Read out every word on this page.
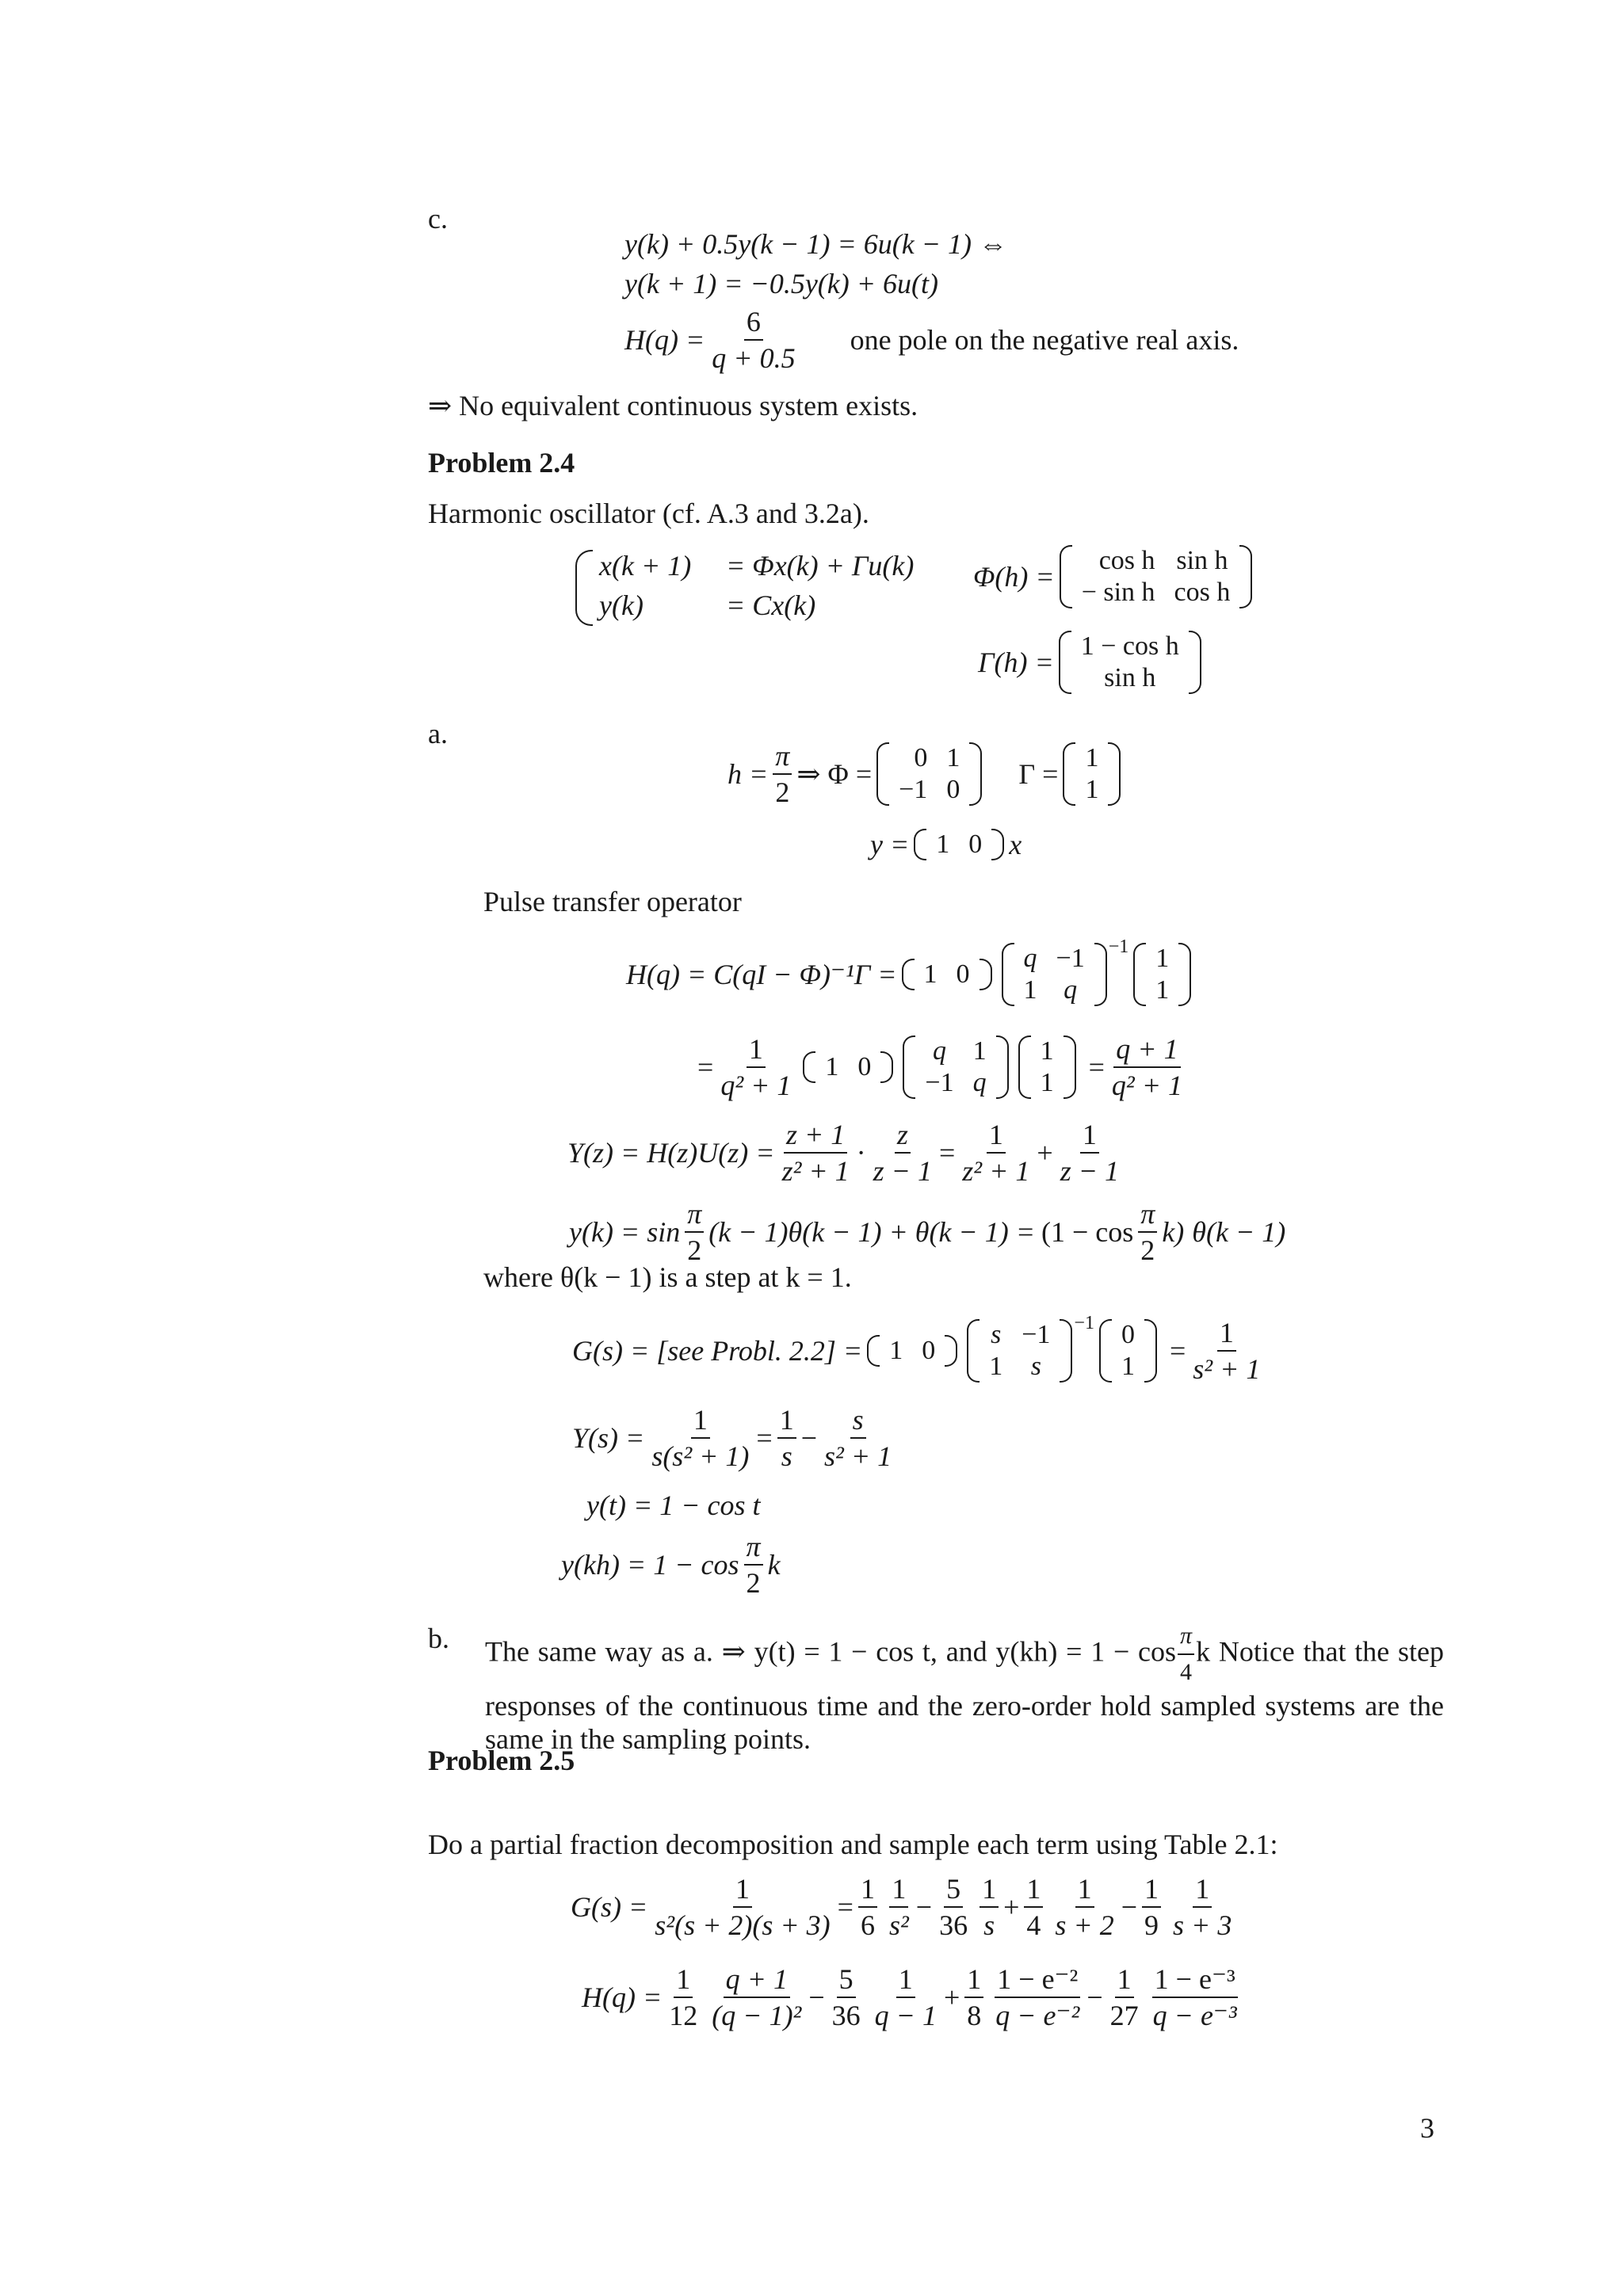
c.
y(k) + 0.5y(k − 1) = 6u(k − 1) ⇔
y(k + 1) = −0.5y(k) + 6u(t)
$H(q) = \frac{6}{q + 0.5}$ one pole on the negative real axis.
⇒ No equivalent continuous system exists.
Problem 2.4
Harmonic oscillator (cf. A.3 and 3.2a).
x(k + 1) = Φx(k) + Γu(k)
y(k)	= Cx(k)
Φ(h) =
cos h	sin h
− sin h	cos h
Γ(h) =
1 − cos h
sin h
a.
$h = \frac{\pi}{2}$ ⇒ Φ =
0	1
−1	0 Γ =
1
1
y = 1	0 x
Pulse transfer operator
H(q) = C(qI − Φ)⁻¹Γ = 1	0
q	−1
1	q
−1 1
1
= $\frac{1}{\text{q² + 1}} 1$	0
q	1
−1	q
1
$1 = \frac{q + 1}{\text{q² + 1}}$
$Y(z) = H(z)U(z) = \frac{z + 1}{\text{z² + 1}} \cdot \frac{z}{z - 1} = \frac{1}{\text{z² + 1}} + \frac{1}{z - 1}$
$y(k) = \sin \frac{\pi}{2} (k - 1)\theta(k - 1) + \theta(k - 1) = (1 - \cos \frac{\pi}{2} k) \theta(k - 1)$
where θ(k − 1) is a step at k = 1.
G(s) = [see Probl. 2.2] = 1	0
s	−1
1	s
−1 0
$1 = \frac{1}{\text{s² + 1}}$
$Y(s) = \frac{1}{\text{s(s² + 1)}} = \frac{1}{s} - \frac{s}{\text{s² + 1}}$
y(t) = 1 − cos t
$y(kh) = 1 - \cos \frac{\pi}{2}$ k
b. The same way as a. ⇒ y(t) = 1 − cos t, and $y(kh) = 1 - \cos \frac{\pi}{4}$ k Notice that the step responses of the continuous time and the zero-order hold sampled systems are the same in the sampling points.
Problem 2.5
Do a partial fraction decomposition and sample each term using Table 2.1:
$G(s) = \frac{1}{\text{s²(s + 2)(s + 3)}} = \frac{1}{6} \frac{1}{\text{s²}} - \frac{5}{36} \frac{1}{s} + \frac{1}{4} \frac{1}{s + 2} - \frac{1}{9} \frac{1}{s + 3}$
$H(q) = \frac{1}{12} \frac{q + 1}{\text{(q − 1)²}} - \frac{5}{36} \frac{1}{q - 1} + \frac{1}{8} \frac{\text{1 − e⁻²}}{\text{q − e⁻²}} - \frac{1}{27} \frac{\text{1 − e⁻³}}{\text{q − e⁻³}}$
3
